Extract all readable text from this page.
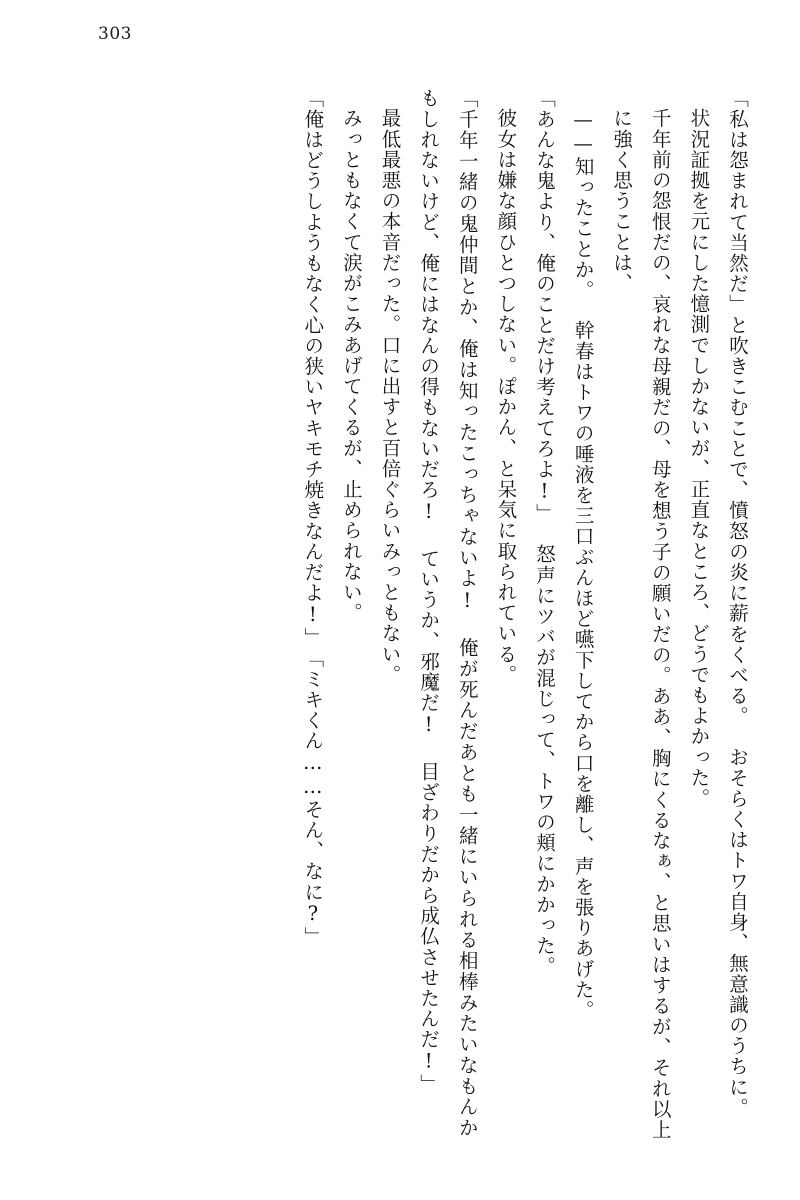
303

「私は怨まれて当然だ」と吹きこむことで、憤怒の炎に薪をくべる。

おそらくはトワ自身、無意識のうちに。

状況証拠を元にした憶測でしかないが、正直なところ、どうでもよかった。

千年前の怨恨だの、哀れな母親だの、母を想う子の願いだの。ああ、胸にくるなぁ、と思いはするが、それ以上に強く思うことは、

——知ったことか。

幹春はトワの唾液を三口ぶんほど嚥下してから口を離し、声を張りあげた。

「あんな鬼より、俺のことだけ考えてろよ!」

怒声にツバが混じって、トワの頬にかかった。

彼女は嫌な顔ひとつしない。ぽかん、と呆気に取られている。

「千年一緒の鬼仲間とか、俺は知ったこっちゃないよ! 俺が死んだあとも一緒にいられる相棒みたいなもんかもしれないけど、俺にはなんの得もないだろ! ていうか、邪魔だ! 目ざわりだから成仏させたんだ!」

最低最悪の本音だった。口に出すと百倍ぐらいみっともない。

みっともなくて涙がこみあげてくるが、止められない。

「俺はどうしようもなく心の狭いヤキモチ焼きなんだよ!」

「ミキくん……そん、なに?」
